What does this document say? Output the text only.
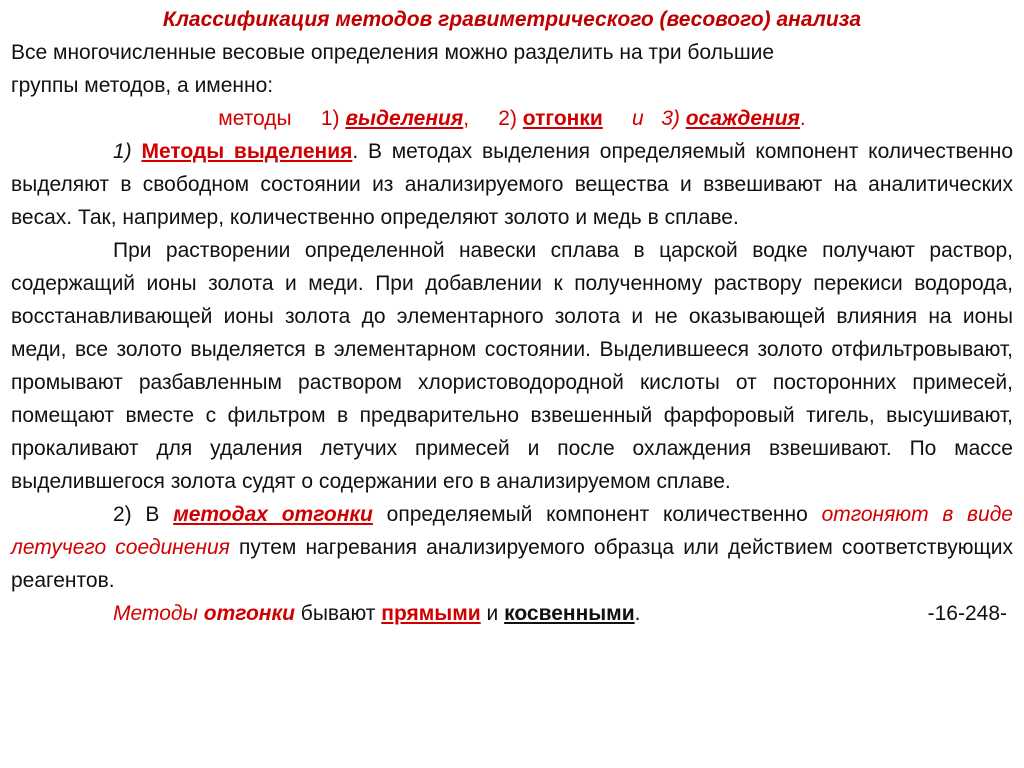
Классификация методов гравиметрического (весового) анализа

Все многочисленные весовые определения можно разделить на три большие

группы методов, а именно:

методы 1) выделения, 2) отгонки и 3) осаждения.

1) Методы выделения. В методах выделения определяемый компонент количественно выделяют в свободном состоянии из анализируемого вещества и взвешивают на аналитических весах. Так, например, количественно определяют золото и медь в сплаве.

При растворении определенной навески сплава в царской водке получают раствор, содержащий ионы золота и меди. При добавлении к полученному раствору перекиси водорода, восстанавливающей ионы золота до элементарного золота и не оказывающей влияния на ионы меди, все золото выделяется в элементарном состоянии. Выделившееся золото отфильтровывают, промывают разбавленным раствором хлористоводородной кислоты от посторонних примесей, помещают вместе с фильтром в предварительно взвешенный фарфоровый тигель, высушивают, прокаливают для удаления летучих примесей и после охлаждения взвешивают. По массе выделившегося золота судят о содержании его в анализируемом сплаве.

2) В методах отгонки определяемый компонент количественно отгоняют в виде летучего соединения путем нагревания анализируемого образца или действием соответствующих реагентов.

Методы отгонки бывают прямыми и косвенными.	-16-248-
